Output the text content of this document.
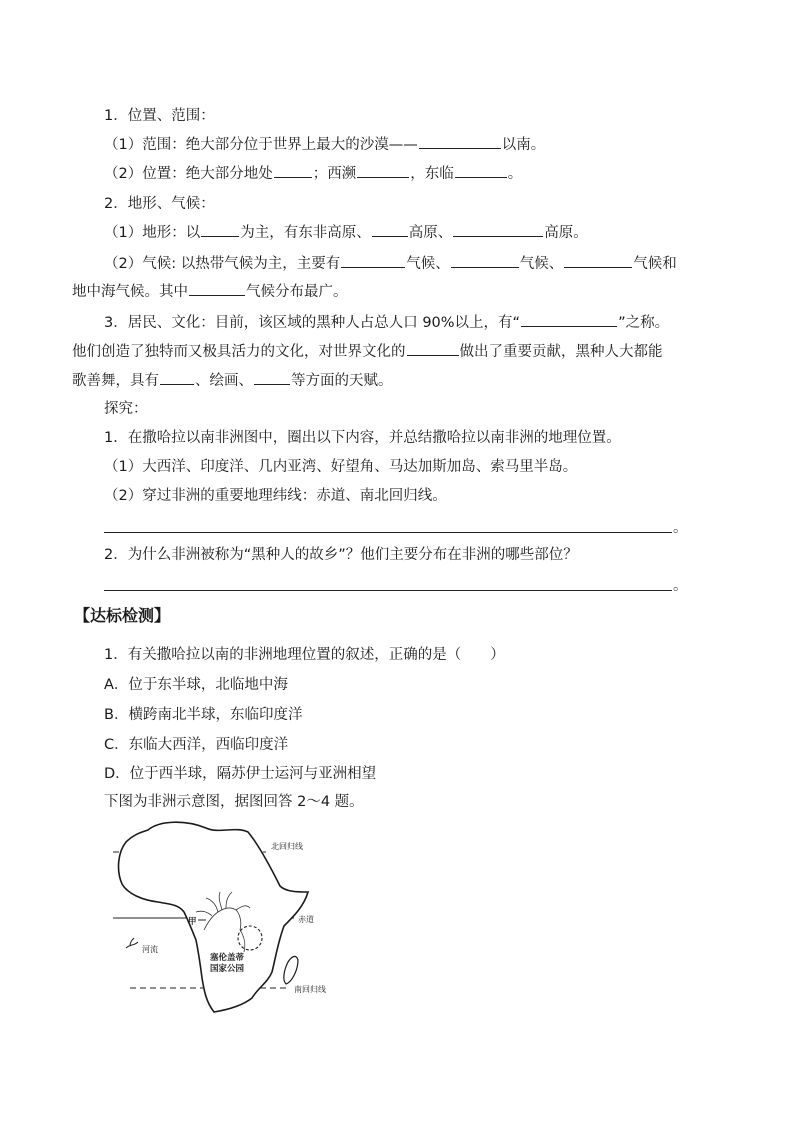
1．位置、范围：
（1）范围：绝大部分位于世界上最大的沙漠——	以南。
（2）位置：绝大部分地处	；西濒	，东临	。
2．地形、气候：
（1）地形：以	为主，有东非高原、	高原、	高原。
（2）气候: 以热带气候为主，主要有	气候、	气候、	气候和
地中海气候。其中	气候分布最广。
3．居民、文化：目前，该区域的黑种人占总人口 90%以上，有“	”之称。
他们创造了独特而又极具活力的文化，对世界文化的	做出了重要贡献，黑种人大都能
歌善舞，具有 、绘画、	等方面的天赋。
探究：
1．在撒哈拉以南非洲图中，圈出以下内容，并总结撒哈拉以南非洲的地理位置。
（1）大西洋、印度洋、几内亚湾、好望角、马达加斯加岛、索马里半岛。
（2）穿过非洲的重要地理纬线：赤道、南北回归线。
。
2．为什么非洲被称为“黑种人的故乡”？他们主要分布在非洲的哪些部位？
。
【达标检测】
1．有关撒哈拉以南的非洲地理位置的叙述，正确的是（　　）
A．位于东半球，北临地中海
B．横跨南北半球，东临印度洋
C．东临大西洋，西临印度洋
D．位于西半球，隔苏伊士运河与亚洲相望
下图为非洲示意图，据图回答 2～4 题。
北回归线
赤道
南回归线
河流
甲
塞伦盖蒂
国家公园
